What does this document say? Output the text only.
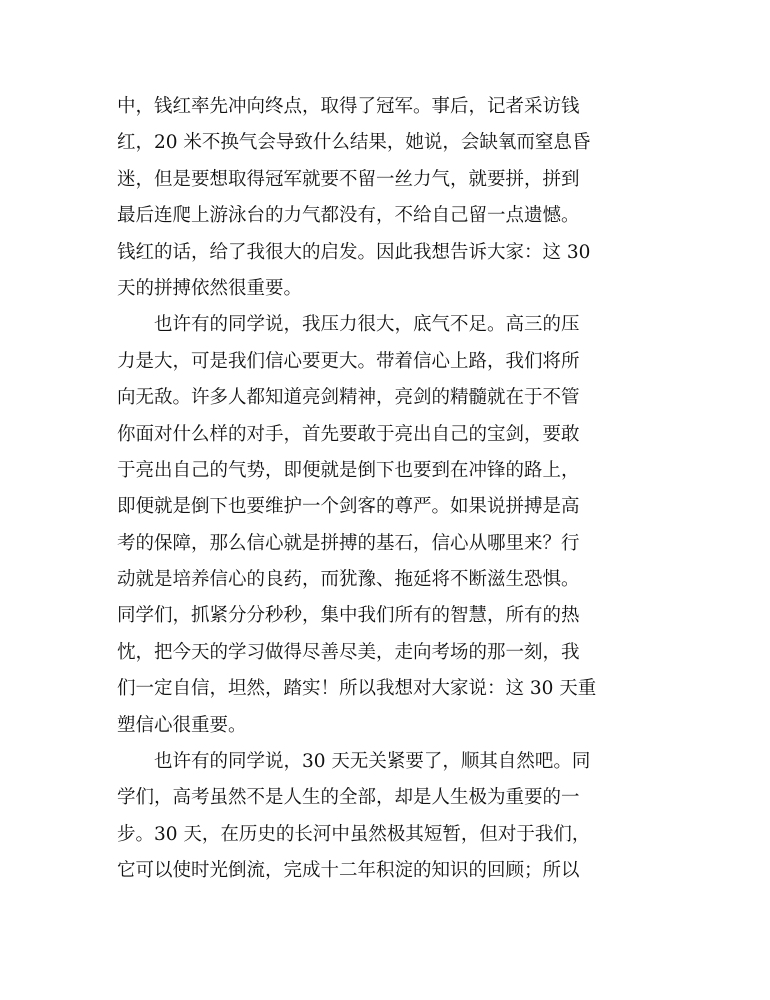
中，钱红率先冲向终点，取得了冠军。事后，记者采访钱
红，20 米不换气会导致什么结果，她说，会缺氧而窒息昏
迷，但是要想取得冠军就要不留一丝力气，就要拼，拼到
最后连爬上游泳台的力气都没有，不给自己留一点遗憾。
钱红的话，给了我很大的启发。因此我想告诉大家：这 30
天的拼搏依然很重要。
也许有的同学说，我压力很大，底气不足。高三的压
力是大，可是我们信心要更大。带着信心上路，我们将所
向无敌。许多人都知道亮剑精神，亮剑的精髓就在于不管
你面对什么样的对手，首先要敢于亮出自己的宝剑，要敢
于亮出自己的气势，即便就是倒下也要到在冲锋的路上，
即便就是倒下也要维护一个剑客的尊严。如果说拼搏是高
考的保障，那么信心就是拼搏的基石，信心从哪里来？行
动就是培养信心的良药，而犹豫、拖延将不断滋生恐惧。
同学们，抓紧分分秒秒，集中我们所有的智慧，所有的热
忱，把今天的学习做得尽善尽美，走向考场的那一刻，我
们一定自信，坦然，踏实！所以我想对大家说：这 30 天重
塑信心很重要。
也许有的同学说，30 天无关紧要了，顺其自然吧。同
学们，高考虽然不是人生的全部，却是人生极为重要的一
步。30 天，在历史的长河中虽然极其短暂，但对于我们，
它可以使时光倒流，完成十二年积淀的知识的回顾；所以
